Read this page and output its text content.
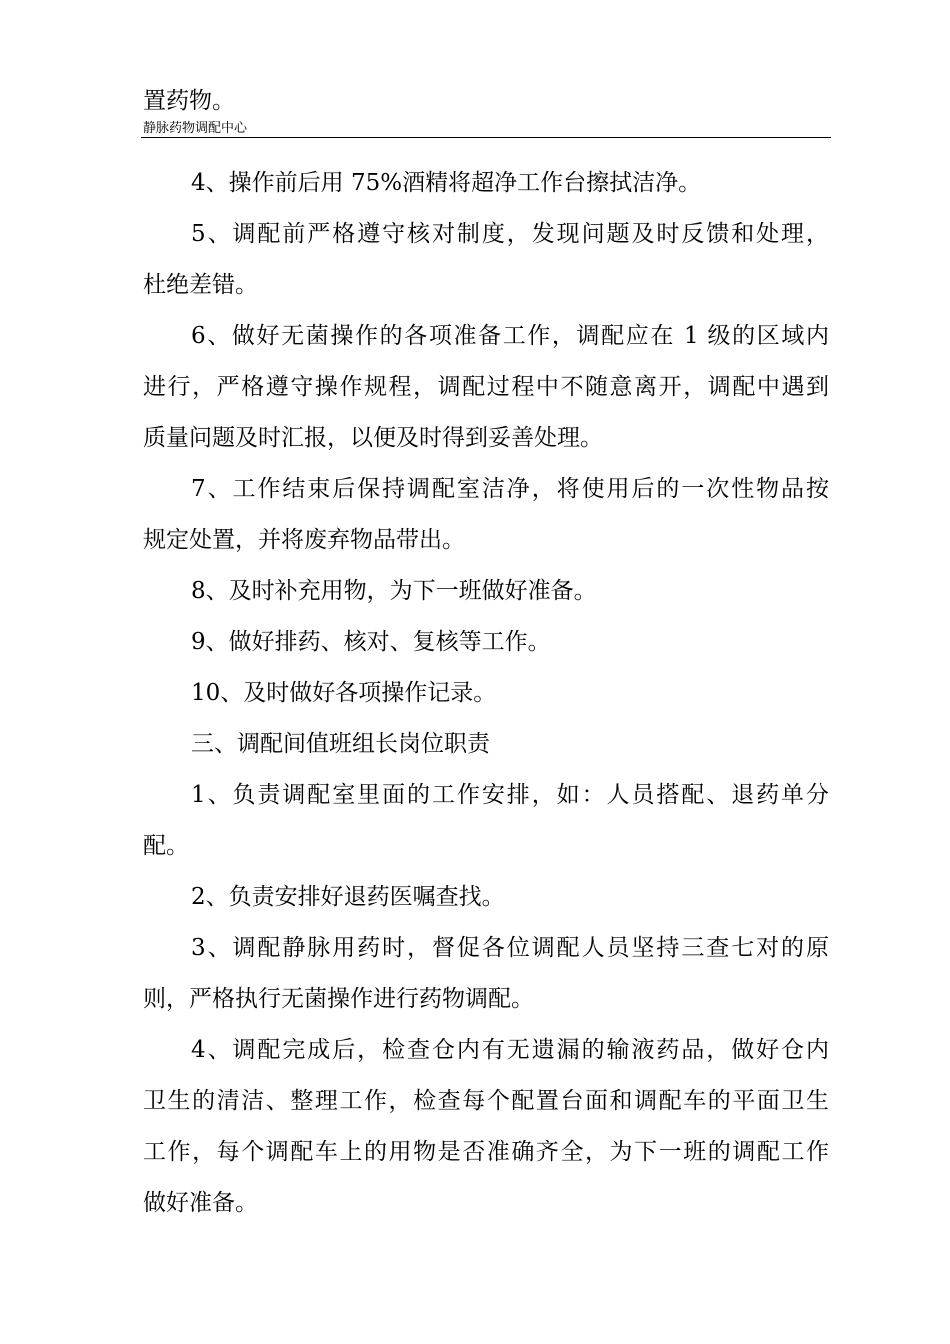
置药物。
静脉药物调配中心
4、操作前后用 75%酒精将超净工作台擦拭洁净。
5、调配前严格遵守核对制度，发现问题及时反馈和处理，
杜绝差错。
6、做好无菌操作的各项准备工作，调配应在 1 级的区域内
进行，严格遵守操作规程，调配过程中不随意离开，调配中遇到
质量问题及时汇报，以便及时得到妥善处理。
7、工作结束后保持调配室洁净，将使用后的一次性物品按
规定处置，并将废弃物品带出。
8、及时补充用物，为下一班做好准备。
9、做好排药、核对、复核等工作。
10、及时做好各项操作记录。
三、调配间值班组长岗位职责
1、负责调配室里面的工作安排，如：人员搭配、退药单分
配。
2、负责安排好退药医嘱查找。
3、调配静脉用药时，督促各位调配人员坚持三查七对的原
则，严格执行无菌操作进行药物调配。
4、调配完成后，检查仓内有无遗漏的输液药品，做好仓内
卫生的清洁、整理工作，检查每个配置台面和调配车的平面卫生
工作，每个调配车上的用物是否准确齐全，为下一班的调配工作
做好准备。
